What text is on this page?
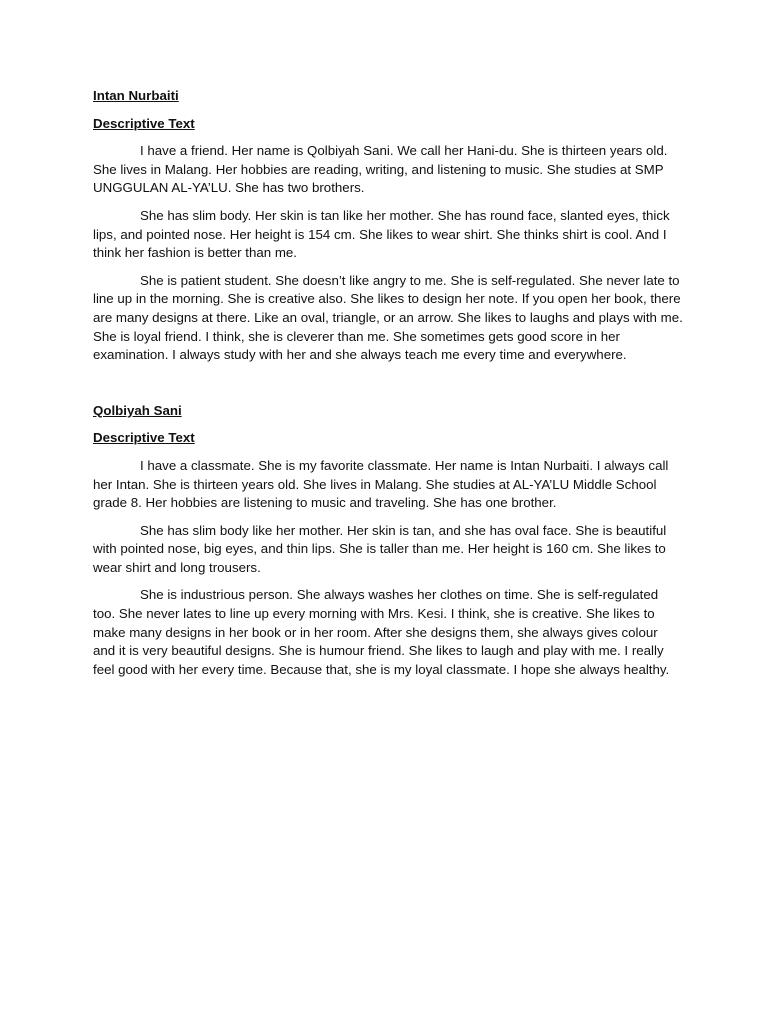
Intan Nurbaiti

Descriptive Text

I have a friend. Her name is Qolbiyah Sani. We call her Hani-du. She is thirteen years old. She lives in Malang. Her hobbies are reading, writing, and listening to music. She studies at SMP UNGGULAN AL-YA’LU. She has two brothers.

She has slim body. Her skin is tan like her mother. She has round face, slanted eyes, thick lips, and pointed nose. Her height is 154 cm. She likes to wear shirt. She thinks shirt is cool. And I think her fashion is better than me.

She is patient student. She doesn’t like angry to me. She is self-regulated. She never late to line up in the morning. She is creative also. She likes to design her note. If you open her book, there are many designs at there. Like an oval, triangle, or an arrow. She likes to laughs and plays with me. She is loyal friend. I think, she is cleverer than me. She sometimes gets good score in her examination. I always study with her and she always teach me every time and everywhere.

Qolbiyah Sani

Descriptive Text

I have a classmate. She is my favorite classmate. Her name is Intan Nurbaiti. I always call her Intan. She is thirteen years old. She lives in Malang. She studies at AL-YA’LU Middle School grade 8. Her hobbies are listening to music and traveling. She has one brother.

She has slim body like her mother. Her skin is tan, and she has oval face. She is beautiful with pointed nose, big eyes, and thin lips. She is taller than me. Her height is 160 cm. She likes to wear shirt and long trousers.

She is industrious person. She always washes her clothes on time. She is self-regulated too. She never lates to line up every morning with Mrs. Kesi. I think, she is creative. She likes to make many designs in her book or in her room. After she designs them, she always gives colour and it is very beautiful designs. She is humour friend. She likes to laugh and play with me. I really feel good with her every time. Because that, she is my loyal classmate. I hope she always healthy.
